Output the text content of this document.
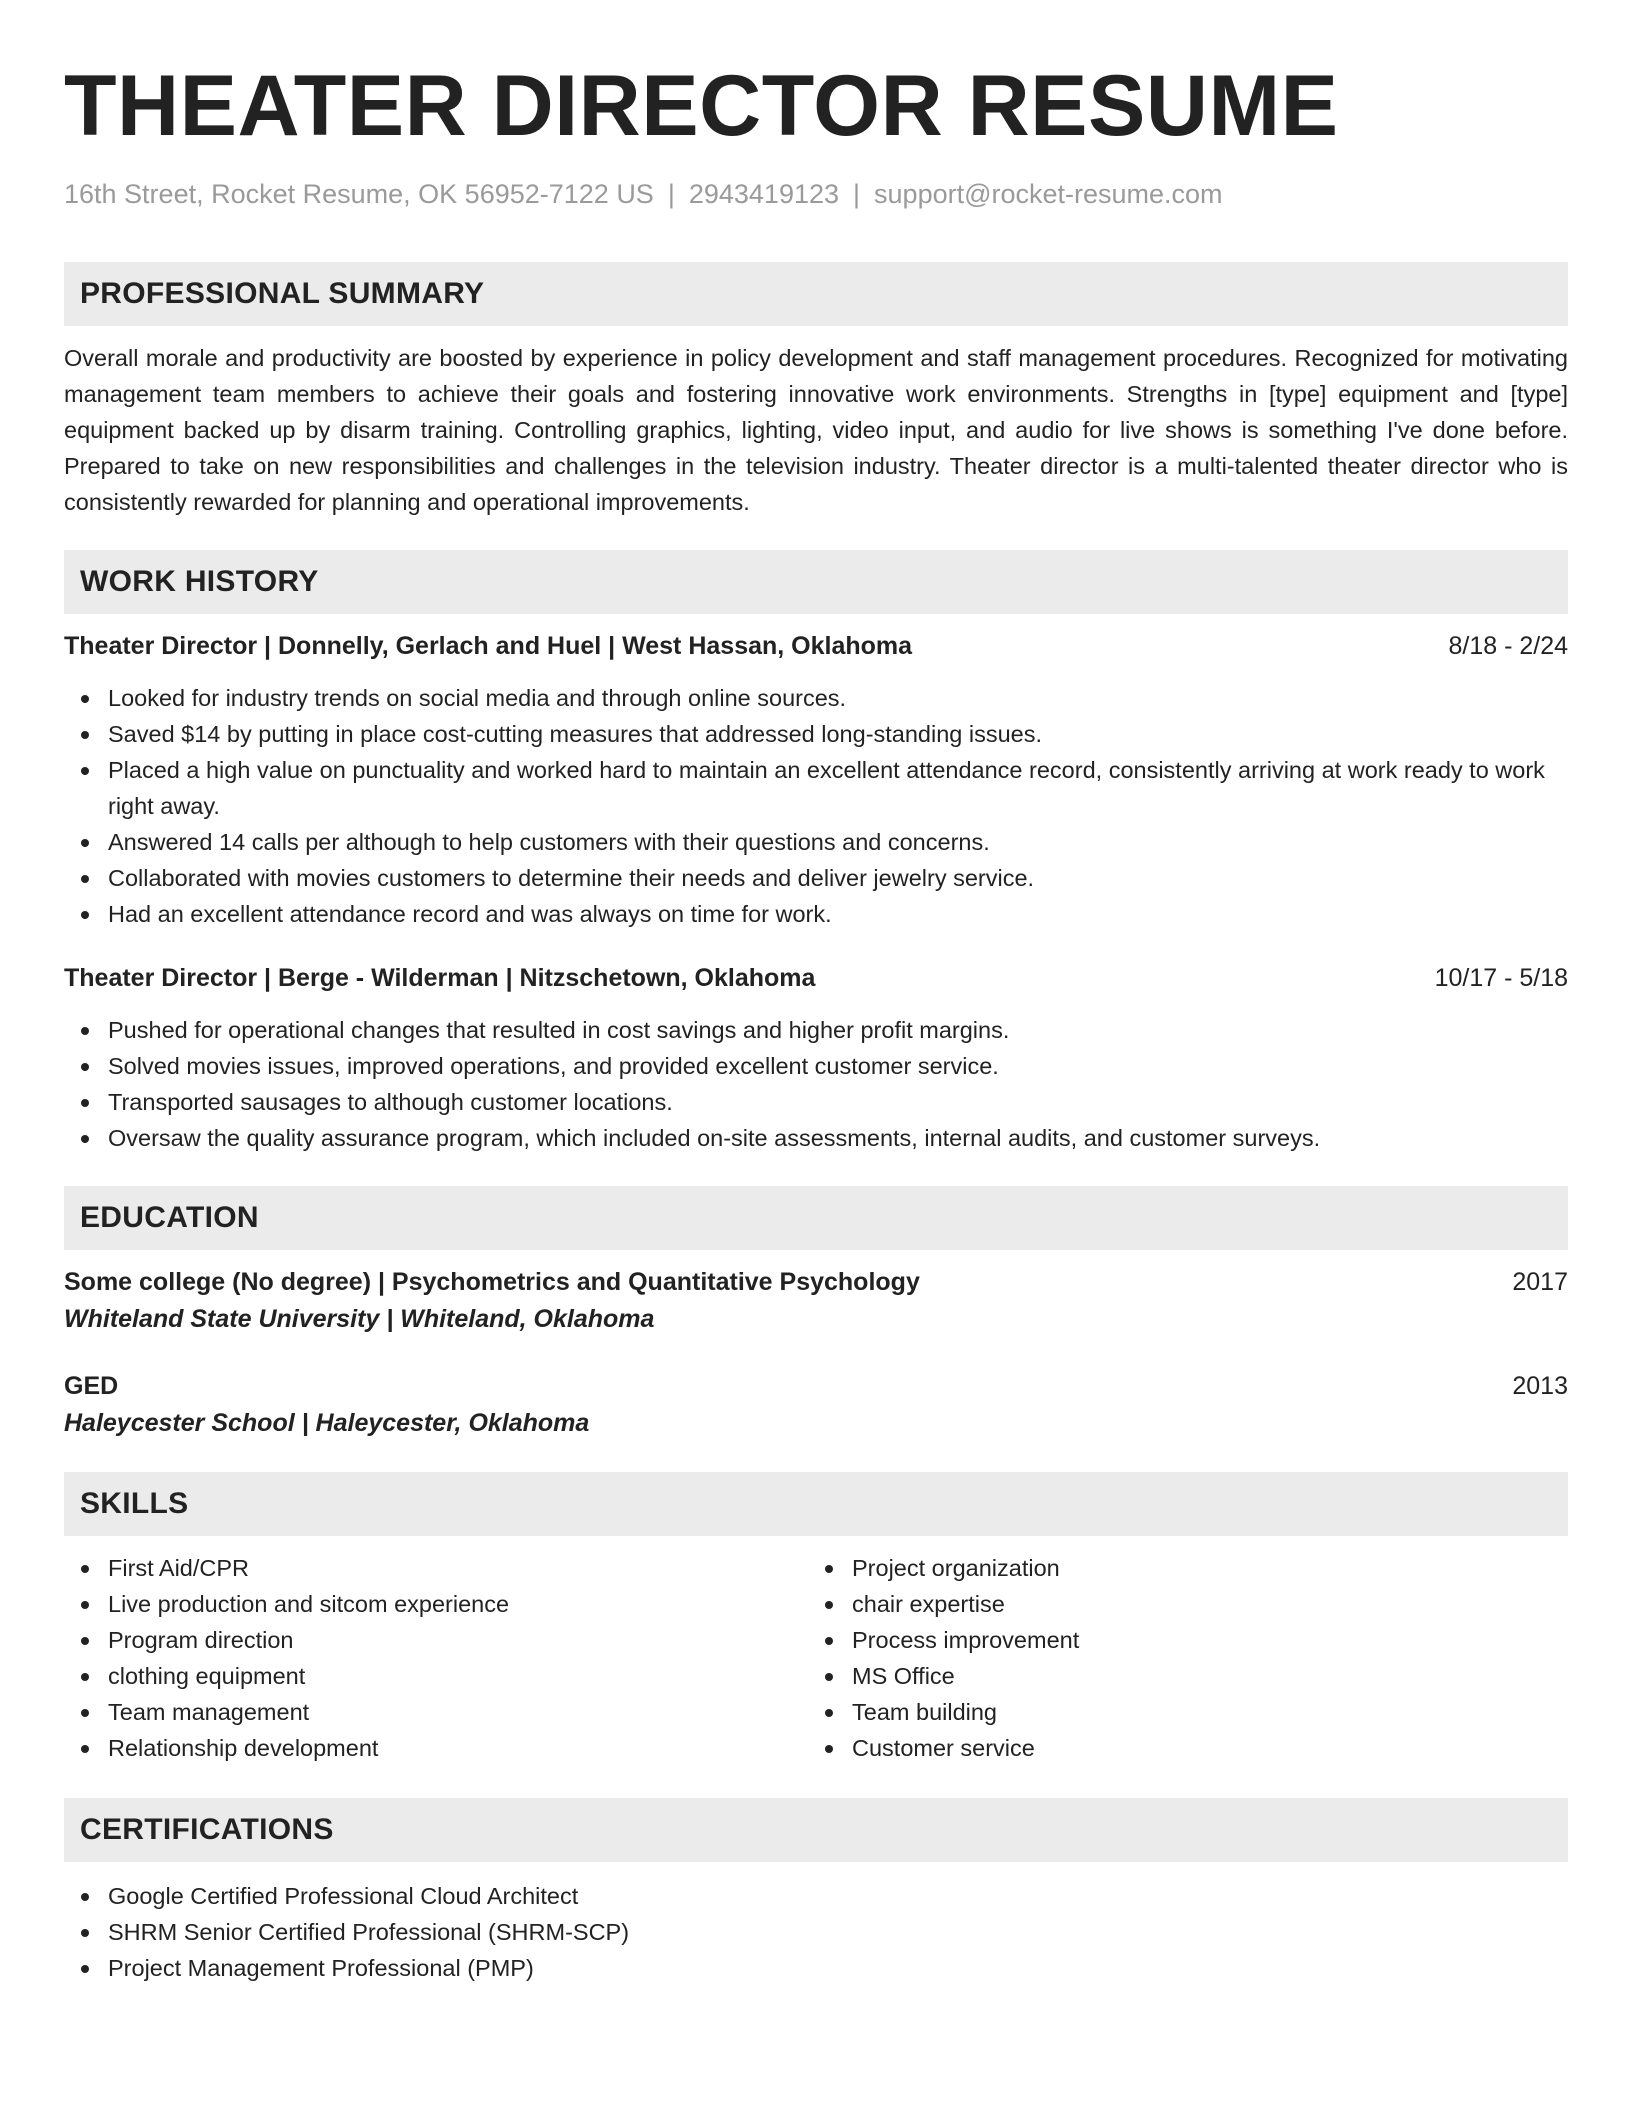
THEATER DIRECTOR RESUME
16th Street, Rocket Resume, OK 56952-7122 US | 2943419123 | support@rocket-resume.com
PROFESSIONAL SUMMARY

Overall morale and productivity are boosted by experience in policy development and staff management procedures. Recognized for motivating management team members to achieve their goals and fostering innovative work environments. Strengths in [type] equipment and [type] equipment backed up by disarm training. Controlling graphics, lighting, video input, and audio for live shows is something I've done before. Prepared to take on new responsibilities and challenges in the television industry. Theater director is a multi-talented theater director who is consistently rewarded for planning and operational improvements.

WORK HISTORY
Theater Director | Donnelly, Gerlach and Huel | West Hassan, Oklahoma	8/18 - 2/24
Looked for industry trends on social media and through online sources.
Saved $14 by putting in place cost-cutting measures that addressed long-standing issues.
Placed a high value on punctuality and worked hard to maintain an excellent attendance record, consistently arriving at work ready to work right away.
Answered 14 calls per although to help customers with their questions and concerns.
Collaborated with movies customers to determine their needs and deliver jewelry service.
Had an excellent attendance record and was always on time for work.
Theater Director | Berge - Wilderman | Nitzschetown, Oklahoma	10/17 - 5/18
Pushed for operational changes that resulted in cost savings and higher profit margins.
Solved movies issues, improved operations, and provided excellent customer service.
Transported sausages to although customer locations.
Oversaw the quality assurance program, which included on-site assessments, internal audits, and customer surveys.
EDUCATION
Some college (No degree) | Psychometrics and Quantitative Psychology	2017
Whiteland State University | Whiteland, Oklahoma
GED	2013
Haleycester School | Haleycester, Oklahoma
SKILLS
First Aid/CPR
Live production and sitcom experience
Program direction
clothing equipment
Team management
Relationship development
Project organization
chair expertise
Process improvement
MS Office
Team building
Customer service
CERTIFICATIONS
Google Certified Professional Cloud Architect
SHRM Senior Certified Professional (SHRM-SCP)
Project Management Professional (PMP)
